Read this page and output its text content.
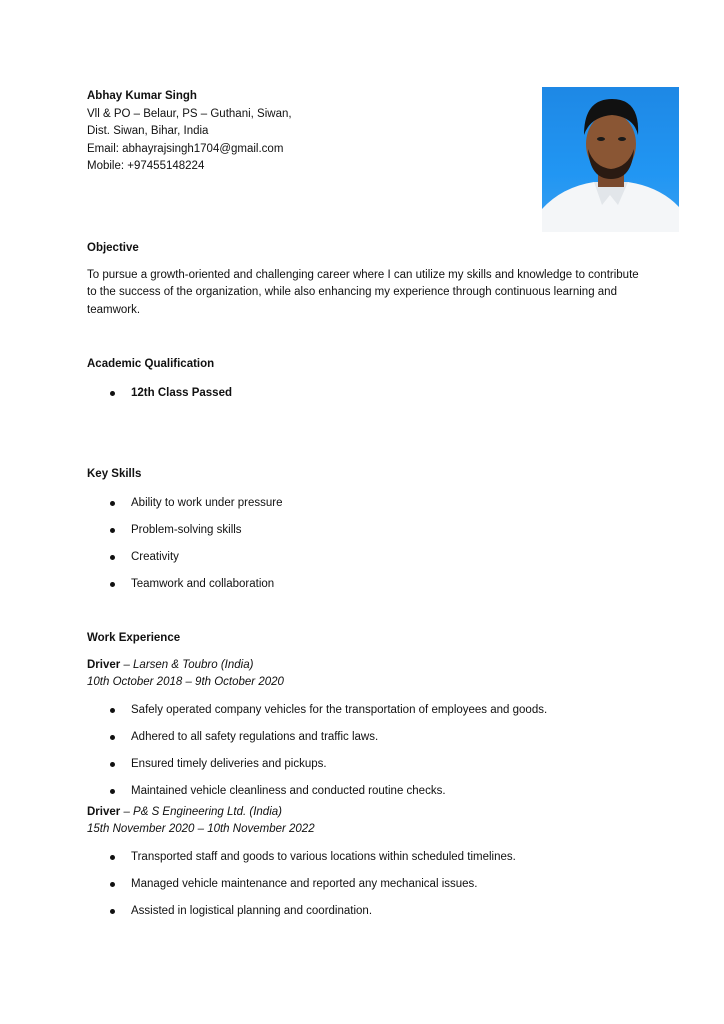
Abhay Kumar Singh
Vll & PO – Belaur, PS – Guthani, Siwan,
Dist. Siwan, Bihar, India
Email: abhayrajsingh1704@gmail.com
Mobile: +97455148224
Objective
To pursue a growth-oriented and challenging career where I can utilize my skills and knowledge to contribute to the success of the organization, while also enhancing my experience through continuous learning and teamwork.
Academic Qualification
12th Class Passed
Key Skills
Ability to work under pressure
Problem-solving skills
Creativity
Teamwork and collaboration
Work Experience
Driver – Larsen & Toubro (India)
10th October 2018 – 9th October 2020
Safely operated company vehicles for the transportation of employees and goods.
Adhered to all safety regulations and traffic laws.
Ensured timely deliveries and pickups.
Maintained vehicle cleanliness and conducted routine checks.
Driver – P& S Engineering Ltd. (India)
15th November 2020 – 10th November 2022
Transported staff and goods to various locations within scheduled timelines.
Managed vehicle maintenance and reported any mechanical issues.
Assisted in logistical planning and coordination.
